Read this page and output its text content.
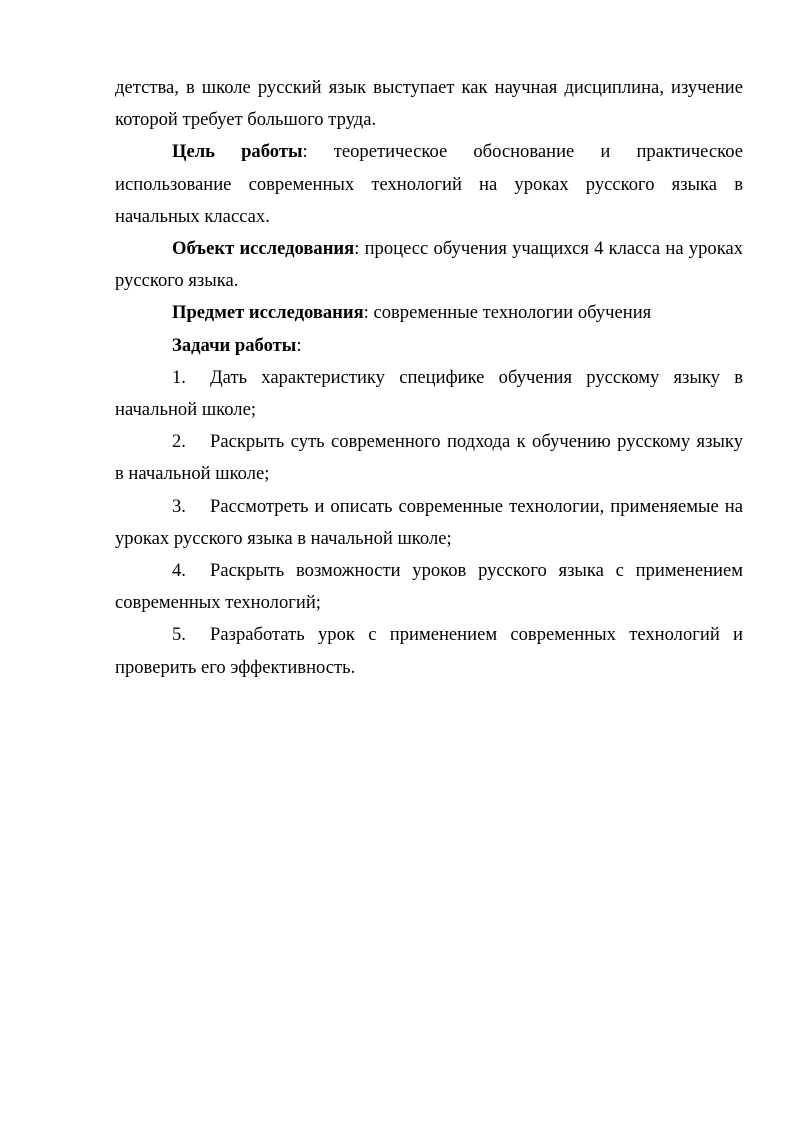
детства, в школе русский язык выступает как научная дисциплина, изучение которой требует большого труда.

Цель работы: теоретическое обоснование и практическое использование современных технологий на уроках русского языка в начальных классах.

Объект исследования: процесс обучения учащихся 4 класса на уроках русского языка.

Предмет исследования: современные технологии обучения

Задачи работы:

1. Дать характеристику специфике обучения русскому языку в начальной школе;

2. Раскрыть суть современного подхода к обучению русскому языку в начальной школе;

3. Рассмотреть и описать современные технологии, применяемые на уроках русского языка в начальной школе;

4. Раскрыть возможности уроков русского языка с применением современных технологий;

5. Разработать урок с применением современных технологий и проверить его эффективность.
